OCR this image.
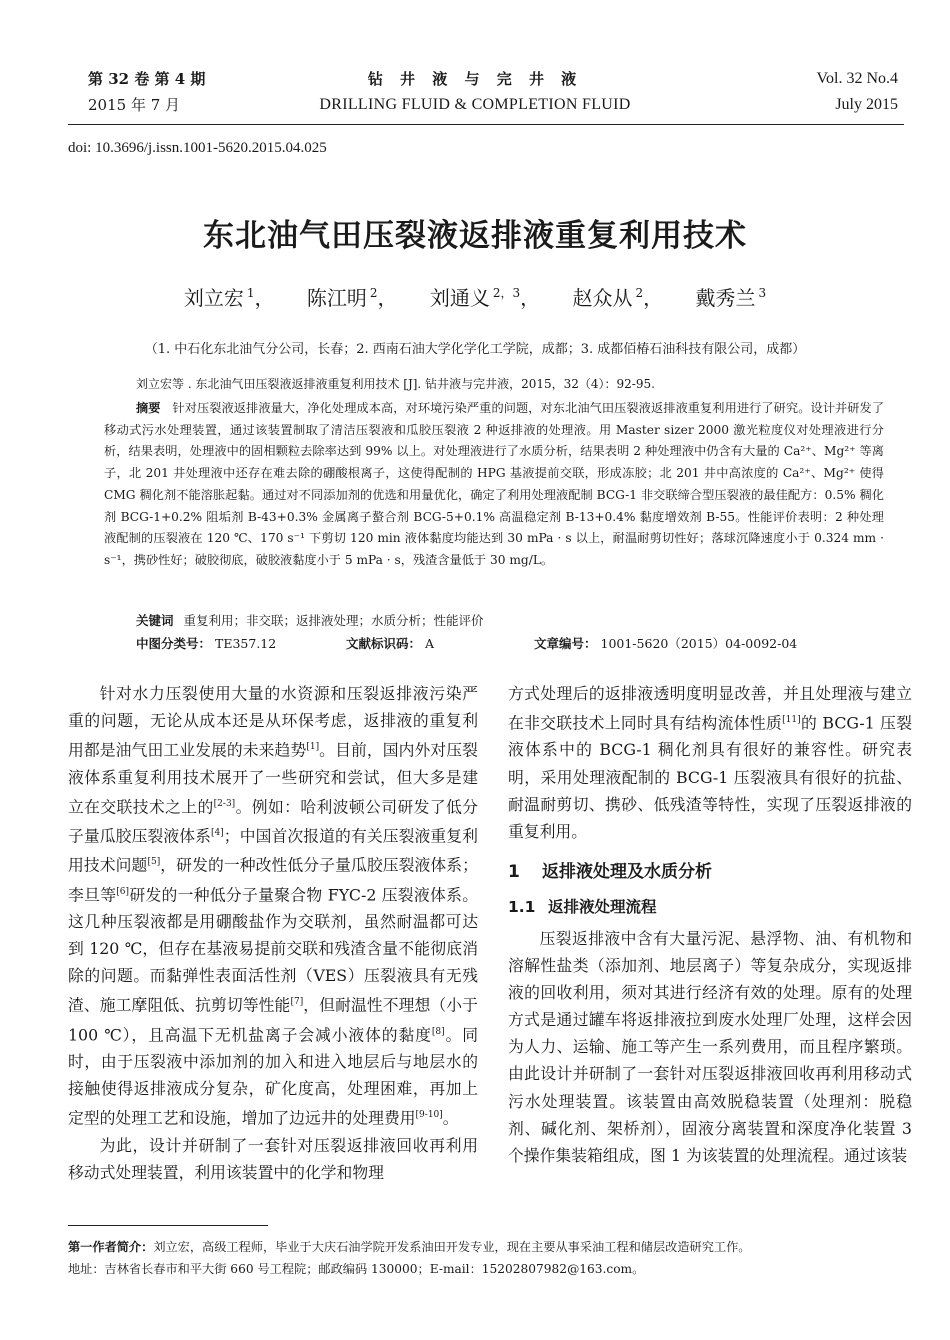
第 32 卷 第 4 期
2015 年 7 月
钻 井 液 与 完 井 液
DRILLING FLUID & COMPLETION FLUID
Vol. 32 No.4
July 2015
doi: 10.3696/j.issn.1001-5620.2015.04.025
东北油气田压裂液返排液重复利用技术
刘立宏 $^1$， 陈江明 $^2$， 刘通义 $^{2,3}$， 赵众从 $^2$， 戴秀兰 $^3$
（1. 中石化东北油气分公司，长春；2. 西南石油大学化学化工学院，成都；3. 成都佰椿石油科技有限公司，成都）
刘立宏等 . 东北油气田压裂液返排液重复利用技术 [J]. 钻井液与完井液，2015，32（4）：92-95.
摘要 针对压裂液返排液量大，净化处理成本高，对环境污染严重的问题，对东北油气田压裂液返排液重复利用进行了研究。设计并研发了移动式污水处理装置，通过该装置制取了清洁压裂液和瓜胶压裂液 2 种返排液的处理液。用 Master sizer 2000 激光粒度仪对处理液进行分析，结果表明，处理液中的固相颗粒去除率达到 99% 以上。对处理液进行了水质分析，结果表明 2 种处理液中仍含有大量的 Ca²⁺、Mg²⁺ 等离子，北 201 井处理液中还存在难去除的硼酸根离子，这使得配制的 HPG 基液提前交联，形成冻胶；北 201 井中高浓度的 Ca²⁺、Mg²⁺ 使得 CMG 稠化剂不能溶胀起黏。通过对不同添加剂的优选和用量优化，确定了利用处理液配制 BCG-1 非交联缔合型压裂液的最佳配方：0.5% 稠化剂 BCG-1+0.2% 阻垢剂 B-43+0.3% 金属离子螯合剂 BCG-5+0.1% 高温稳定剂 B-13+0.4% 黏度增效剂 B-55。性能评价表明：2 种处理液配制的压裂液在 120 ℃、170 s⁻¹ 下剪切 120 min 液体黏度均能达到 30 mPa · s 以上，耐温耐剪切性好；落球沉降速度小于 0.324 mm · s⁻¹，携砂性好；破胶彻底，破胶液黏度小于 5 mPa · s，残渣含量低于 30 mg/L。
关键词 重复利用；非交联；返排液处理；水质分析；性能评价
中图分类号： TE357.12	文献标识码： A	文章编号： 1001-5620（2015）04-0092-04

针对水力压裂使用大量的水资源和压裂返排液污染严重的问题，无论从成本还是从环保考虑，返排液的重复利用都是油气田工业发展的未来趋势[1]。目前，国内外对压裂液体系重复利用技术展开了一些研究和尝试，但大多是建立在交联技术之上的[2-3]。例如：哈利波顿公司研发了低分子量瓜胶压裂液体系[4]；中国首次报道的有关压裂液重复利用技术问题[5]，研发的一种改性低分子量瓜胶压裂液体系；李旦等[6]研发的一种低分子量聚合物 FYC-2 压裂液体系。这几种压裂液都是用硼酸盐作为交联剂，虽然耐温都可达到 120 ℃，但存在基液易提前交联和残渣含量不能彻底消除的问题。而黏弹性表面活性剂（VES）压裂液具有无残渣、施工摩阻低、抗剪切等性能[7]，但耐温性不理想（小于 100 ℃），且高温下无机盐离子会减小液体的黏度[8]。同时，由于压裂液中添加剂的加入和进入地层后与地层水的接触使得返排液成分复杂，矿化度高，处理困难，再加上定型的处理工艺和设施，增加了边远井的处理费用[9-10]。

为此，设计并研制了一套针对压裂返排液回收再利用移动式处理装置，利用该装置中的化学和物理

方式处理后的返排液透明度明显改善，并且处理液与建立在非交联技术上同时具有结构流体性质[11]的 BCG-1 压裂液体系中的 BCG-1 稠化剂具有很好的兼容性。研究表明，采用处理液配制的 BCG-1 压裂液具有很好的抗盐、耐温耐剪切、携砂、低残渣等特性，实现了压裂返排液的重复利用。

1 返排液处理及水质分析
1.1 返排液处理流程

压裂返排液中含有大量污泥、悬浮物、油、有机物和溶解性盐类（添加剂、地层离子）等复杂成分，实现返排液的回收利用，须对其进行经济有效的处理。原有的处理方式是通过罐车将返排液拉到废水处理厂处理，这样会因为人力、运输、施工等产生一系列费用，而且程序繁琐。由此设计并研制了一套针对压裂返排液回收再利用移动式污水处理装置。该装置由高效脱稳装置（处理剂：脱稳剂、碱化剂、架桥剂），固液分离装置和深度净化装置 3 个操作集装箱组成，图 1 为该装置的处理流程。通过该装

第一作者简介：刘立宏，高级工程师，毕业于大庆石油学院开发系油田开发专业，现在主要从事采油工程和储层改造研究工作。
地址：吉林省长春市和平大街 660 号工程院；邮政编码 130000；E-mail：15202807982@163.com。
